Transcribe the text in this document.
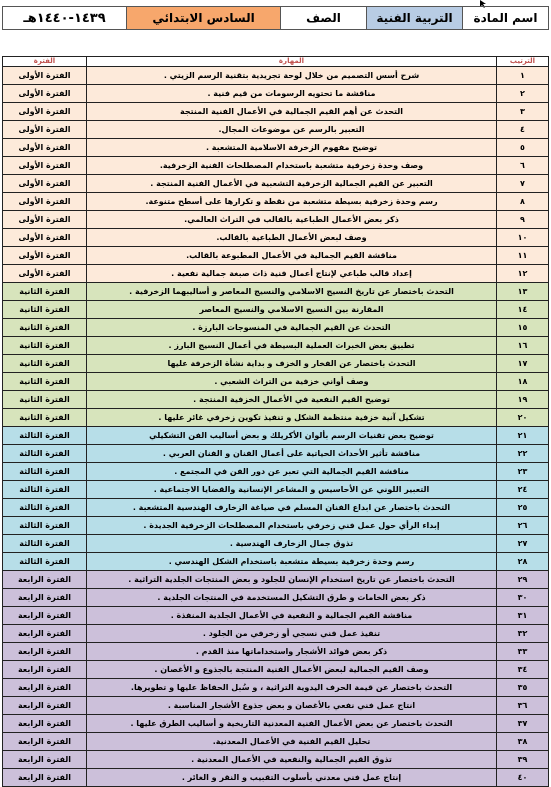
اسم المادة	التربية الفنية	الصف	السادس الابتدائي	١٤٣٩-١٤٤٠هـ
الترتيب	المهارة	الفترة
١	شرح أسس التصميم من خلال لوحة تجريدية بتقنية الرسم الزيتي .	الفترة الأولى
٢	مناقشة ما تحتويه الرسومات من قيم فنية .	الفترة الأولى
٣	التحدث عن أهم القيم الجمالية في الأعمال الفنية المنتجة	الفترة الأولى
٤	التعبير بالرسم عن موضوعات المجال.	الفترة الأولى
٥	توضيح مفهوم الزخرفة الاسلامية المتشعبة .	الفترة الأولى
٦	وصف وحدة زخرفية متشعبة باستخدام المصطلحات الفنية الزخرفية.	الفترة الأولى
٧	التعبير عن القيم الجمالية الزخرفية التشعبية في الأعمال الفنية المنتجة .	الفترة الأولى
٨	رسم وحدة زخرفية بسيطة متشعبة من نقطة و تكرارها على أسطح متنوعة.	الفترة الأولى
٩	ذكر بعض الأعمال الطباعية بالقالب في التراث العالمي.	الفترة الأولى
١٠	وصف لبعض الأعمال الطباعية بالقالب.	الفترة الأولى
١١	مناقشة القيم الجمالية في الأعمال المطبوعة بالقالب.	الفترة الأولى
١٢	إعداد قالب طباعي لإنتاج أعمال فنية ذات صبغة جمالية نفعية .	الفترة الأولى
١٣	التحدث باختصار عن تاريخ النسيج الاسلامي والنسيج المعاصر و أساليبهما الزخرفية .	الفترة الثانية
١٤	المقارنة بين النسيج الاسلامي والنسيج المعاصر	الفترة الثانية
١٥	التحدث عن القيم الجمالية في المنسوجات البارزة .	الفترة الثانية
١٦	تطبيق بعض الخبرات العملية البسيطة في أعمال النسيج البارز .	الفترة الثانية
١٧	التحدث باختصار عن الفخار و الخزف و بداية نشأة الزخرفة عليها	الفترة الثانية
١٨	وصف أواني خزفية من التراث الشعبي .	الفترة الثانية
١٩	توضيح القيم النفعية في الأعمال الخزفية المنتجة .	الفترة الثانية
٢٠	تشكيل آنية خزفية منتظمة الشكل و تنفيذ تكوين زخرفي غائر عليها .	الفترة الثانية
٢١	توضيح بعض تقنيات الرسم بألوان الأكريلك و بعض أساليب الفن التشكيلي	الفترة الثالثة
٢٢	مناقشة تأثير الأحداث الحياتية على أعمال الفنان و الفنان العربي .	الفترة الثالثة
٢٣	مناقشة القيم الجمالية التي تعبر عن دور الفن في المجتمع .	الفترة الثالثة
٢٤	التعبير اللوني عن الأحاسيس و المشاعر الإنسانية والقضايا الاجتماعية .	الفترة الثالثة
٢٥	التحدث باختصار عن ابداع الفنان المسلم في صياغة الزخارف الهندسية المتشعبة .	الفترة الثالثة
٢٦	إبداء الرأي حول عمل فني زخرفي باستخدام المصطلحات الزخرفية الجديدة .	الفترة الثالثة
٢٧	تذوق جمال الزخارف الهندسية .	الفترة الثالثة
٢٨	رسم وحدة زخرفية بسيطة متشعبة باستخدام الشكل الهندسي .	الفترة الثالثة
٢٩	التحدث باختصار عن تاريخ استخدام الإنسان للجلود و بعض المنتجات الجلدية التراثية .	الفترة الرابعة
٣٠	ذكر بعض الخامات و طرق التشكيل المستخدمة في المنتجات الجلدية .	الفترة الرابعة
٣١	مناقشة القيم الجمالية و النفعية في الأعمال الجلدية المنفذة .	الفترة الرابعة
٣٢	تنفيذ عمل فني نسجي أو زخرفي من الجلود .	الفترة الرابعة
٣٣	ذكر بعض فوائد الأشجار واستخداماتها منذ القدم .	الفترة الرابعة
٣٤	وصف القيم الجمالية لبعض الأعمال الفنية المنتجة بالجذوع و الأغصان .	الفترة الرابعة
٣٥	التحدث باختصار عن قيمة الحرف اليدوية التراثية ، و سُبل الحفاظ عليها و تطويرها.	الفترة الرابعة
٣٦	انتاج عمل فني نفعي بالأغصان و بعض جذوع الأشجار المناسبة .	الفترة الرابعة
٣٧	التحدث باختصار عن بعض الأعمال الفنية المعدنية التاريخية و أساليب الطرق عليها .	الفترة الرابعة
٣٨	تحليل القيم الفنية في الأعمال المعدنية.	الفترة الرابعة
٣٩	تذوق القيم الجمالية والنفعية في الأعمال المعدنية .	الفترة الرابعة
٤٠	إنتاج عمل فني معدني بأسلوب التقبيب و النقر و الغائر .	الفترة الرابعة
